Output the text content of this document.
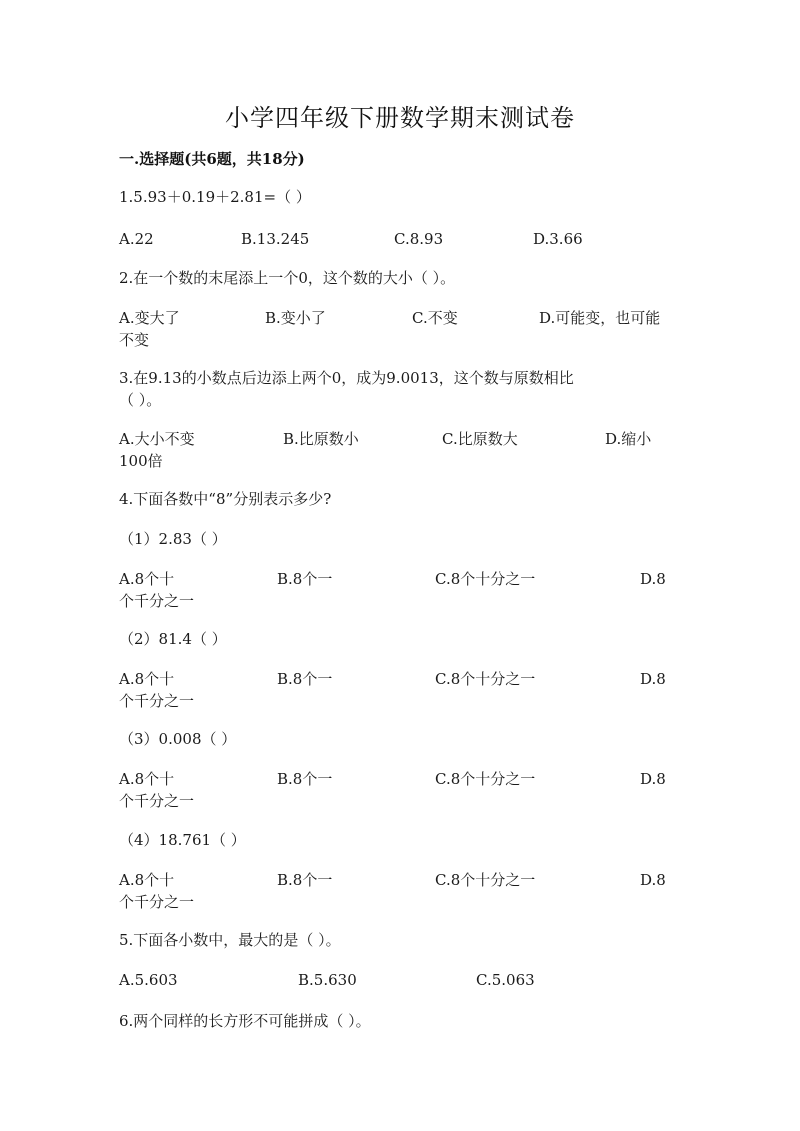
小学四年级下册数学期末测试卷
一.选择题(共6题，共18分)
1.5.93＋0.19＋2.81=（ ）
A.22	B.13.245	C.8.93	D.3.66
2.在一个数的末尾添上一个0，这个数的大小（ ）。
A.变大了	B.变小了	C.不变	D.可能变，也可能
不变
3.在9.13的小数点后边添上两个0，成为9.0013，这个数与原数相比
（ ）。
A.大小不变	B.比原数小	C.比原数大	D.缩小
100倍
4.下面各数中“8”分别表示多少?
（1）2.83（ ）
A.8个十	B.8个一	C.8个十分之一	D.8
个千分之一
（2）81.4（ ）
A.8个十	B.8个一	C.8个十分之一	D.8
个千分之一
（3）0.008（ ）
A.8个十	B.8个一	C.8个十分之一	D.8
个千分之一
（4）18.761（ ）
A.8个十	B.8个一	C.8个十分之一	D.8
个千分之一
5.下面各小数中，最大的是（ ）。
A.5.603	B.5.630	C.5.063
6.两个同样的长方形不可能拼成（ ）。
